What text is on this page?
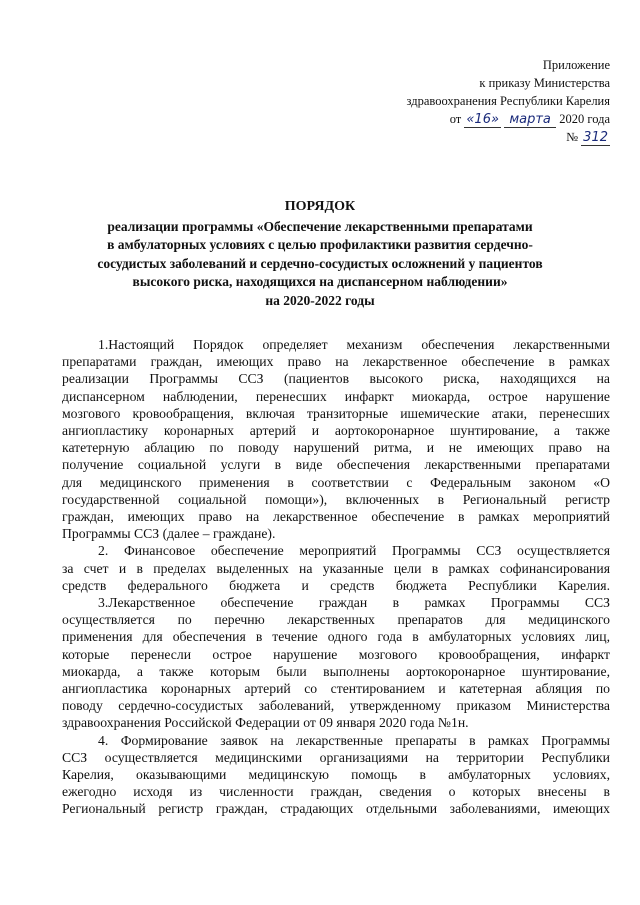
Приложение
к приказу Министерства
здравоохранения Республики Карелия
от «16» марта 2020 года
№ 312
ПОРЯДОК
реализации программы «Обеспечение лекарственными препаратами
в амбулаторных условиях с целью профилактики развития сердечно-
сосудистых заболеваний и сердечно-сосудистых осложнений у пациентов
высокого риска, находящихся на диспансерном наблюдении»
на 2020-2022 годы
1.Настоящий Порядок определяет механизм обеспечения лекарственными
препаратами граждан, имеющих право на лекарственное обеспечение в рамках
реализации Программы ССЗ (пациентов высокого риска, находящихся на
диспансерном наблюдении, перенесших инфаркт миокарда, острое нарушение
мозгового кровообращения, включая транзиторные ишемические атаки, перенесших
ангиопластику коронарных артерий и аортокоронарное шунтирование, а также
катетерную аблацию по поводу нарушений ритма, и не имеющих право на
получение социальной услуги в виде обеспечения лекарственными препаратами
для медицинского применения в соответствии с Федеральным законом «О
государственной социальной помощи»), включенных в Региональный регистр
граждан, имеющих право на лекарственное обеспечение в рамках мероприятий
Программы ССЗ (далее – граждане).
2. Финансовое обеспечение мероприятий Программы ССЗ осуществляется
за счет и в пределах выделенных на указанные цели в рамках софинансирования
средств федерального бюджета и средств бюджета Республики Карелия.
3.Лекарственное обеспечение граждан в рамках Программы ССЗ
осуществляется по перечню лекарственных препаратов для медицинского
применения для обеспечения в течение одного года в амбулаторных условиях лиц,
которые перенесли острое нарушение мозгового кровообращения, инфаркт
миокарда, а также которым были выполнены аортокоронарное шунтирование,
ангиопластика коронарных артерий со стентированием и катетерная абляция по
поводу сердечно-сосудистых заболеваний, утвержденному приказом Министерства
здравоохранения Российской Федерации от 09 января 2020 года №1н.
4. Формирование заявок на лекарственные препараты в рамках Программы
ССЗ осуществляется медицинскими организациями на территории Республики
Карелия, оказывающими медицинскую помощь в амбулаторных условиях,
ежегодно исходя из численности граждан, сведения о которых внесены в
Региональный регистр граждан, страдающих отдельными заболеваниями, имеющих
